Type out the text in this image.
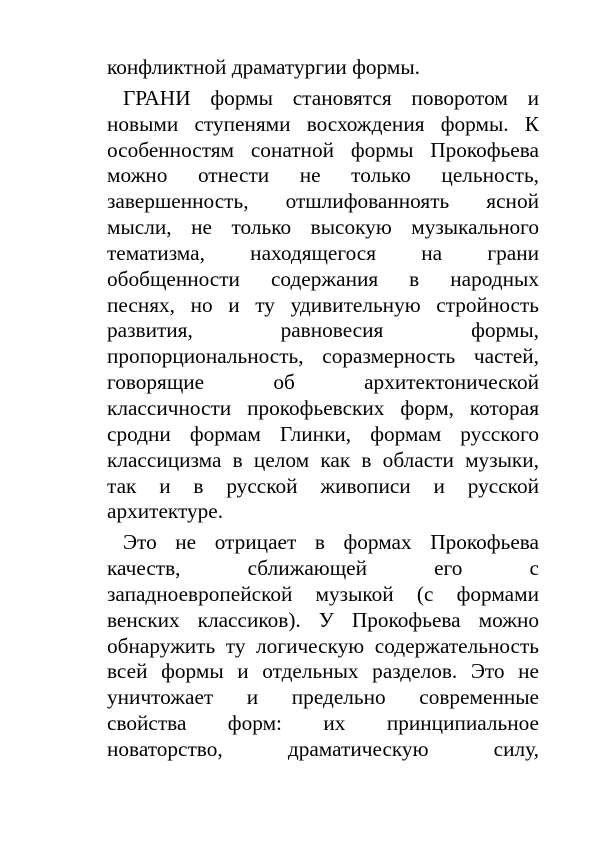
конфликтной драматургии формы.
ГРАНИ формы становятся поворотом и
новыми ступенями восхождения формы. К
особенностям сонатной формы Прокофьева
можно отнести не только цельность,
завершенность, отшлифованноять ясной
мысли, не только высокую музыкального
тематизма, находящегося на грани
обобщенности содержания в народных
песнях, но и ту удивительную стройность
развития, равновесия формы,
пропорциональность, соразмерность частей,
говорящие об архитектонической
классичности прокофьевских форм, которая
сродни формам Глинки, формам русского
классицизма в целом как в области музыки,
так и в русской живописи и русской
архитектуре.
Это не отрицает в формах Прокофьева
качеств, сближающей его с
западноевропейской музыкой (с формами
венских классиков). У Прокофьева можно
обнаружить ту логическую содержательность
всей формы и отдельных разделов. Это не
уничтожает и предельно современные
свойства форм: их принципиальное
новаторство, драматическую силу,
